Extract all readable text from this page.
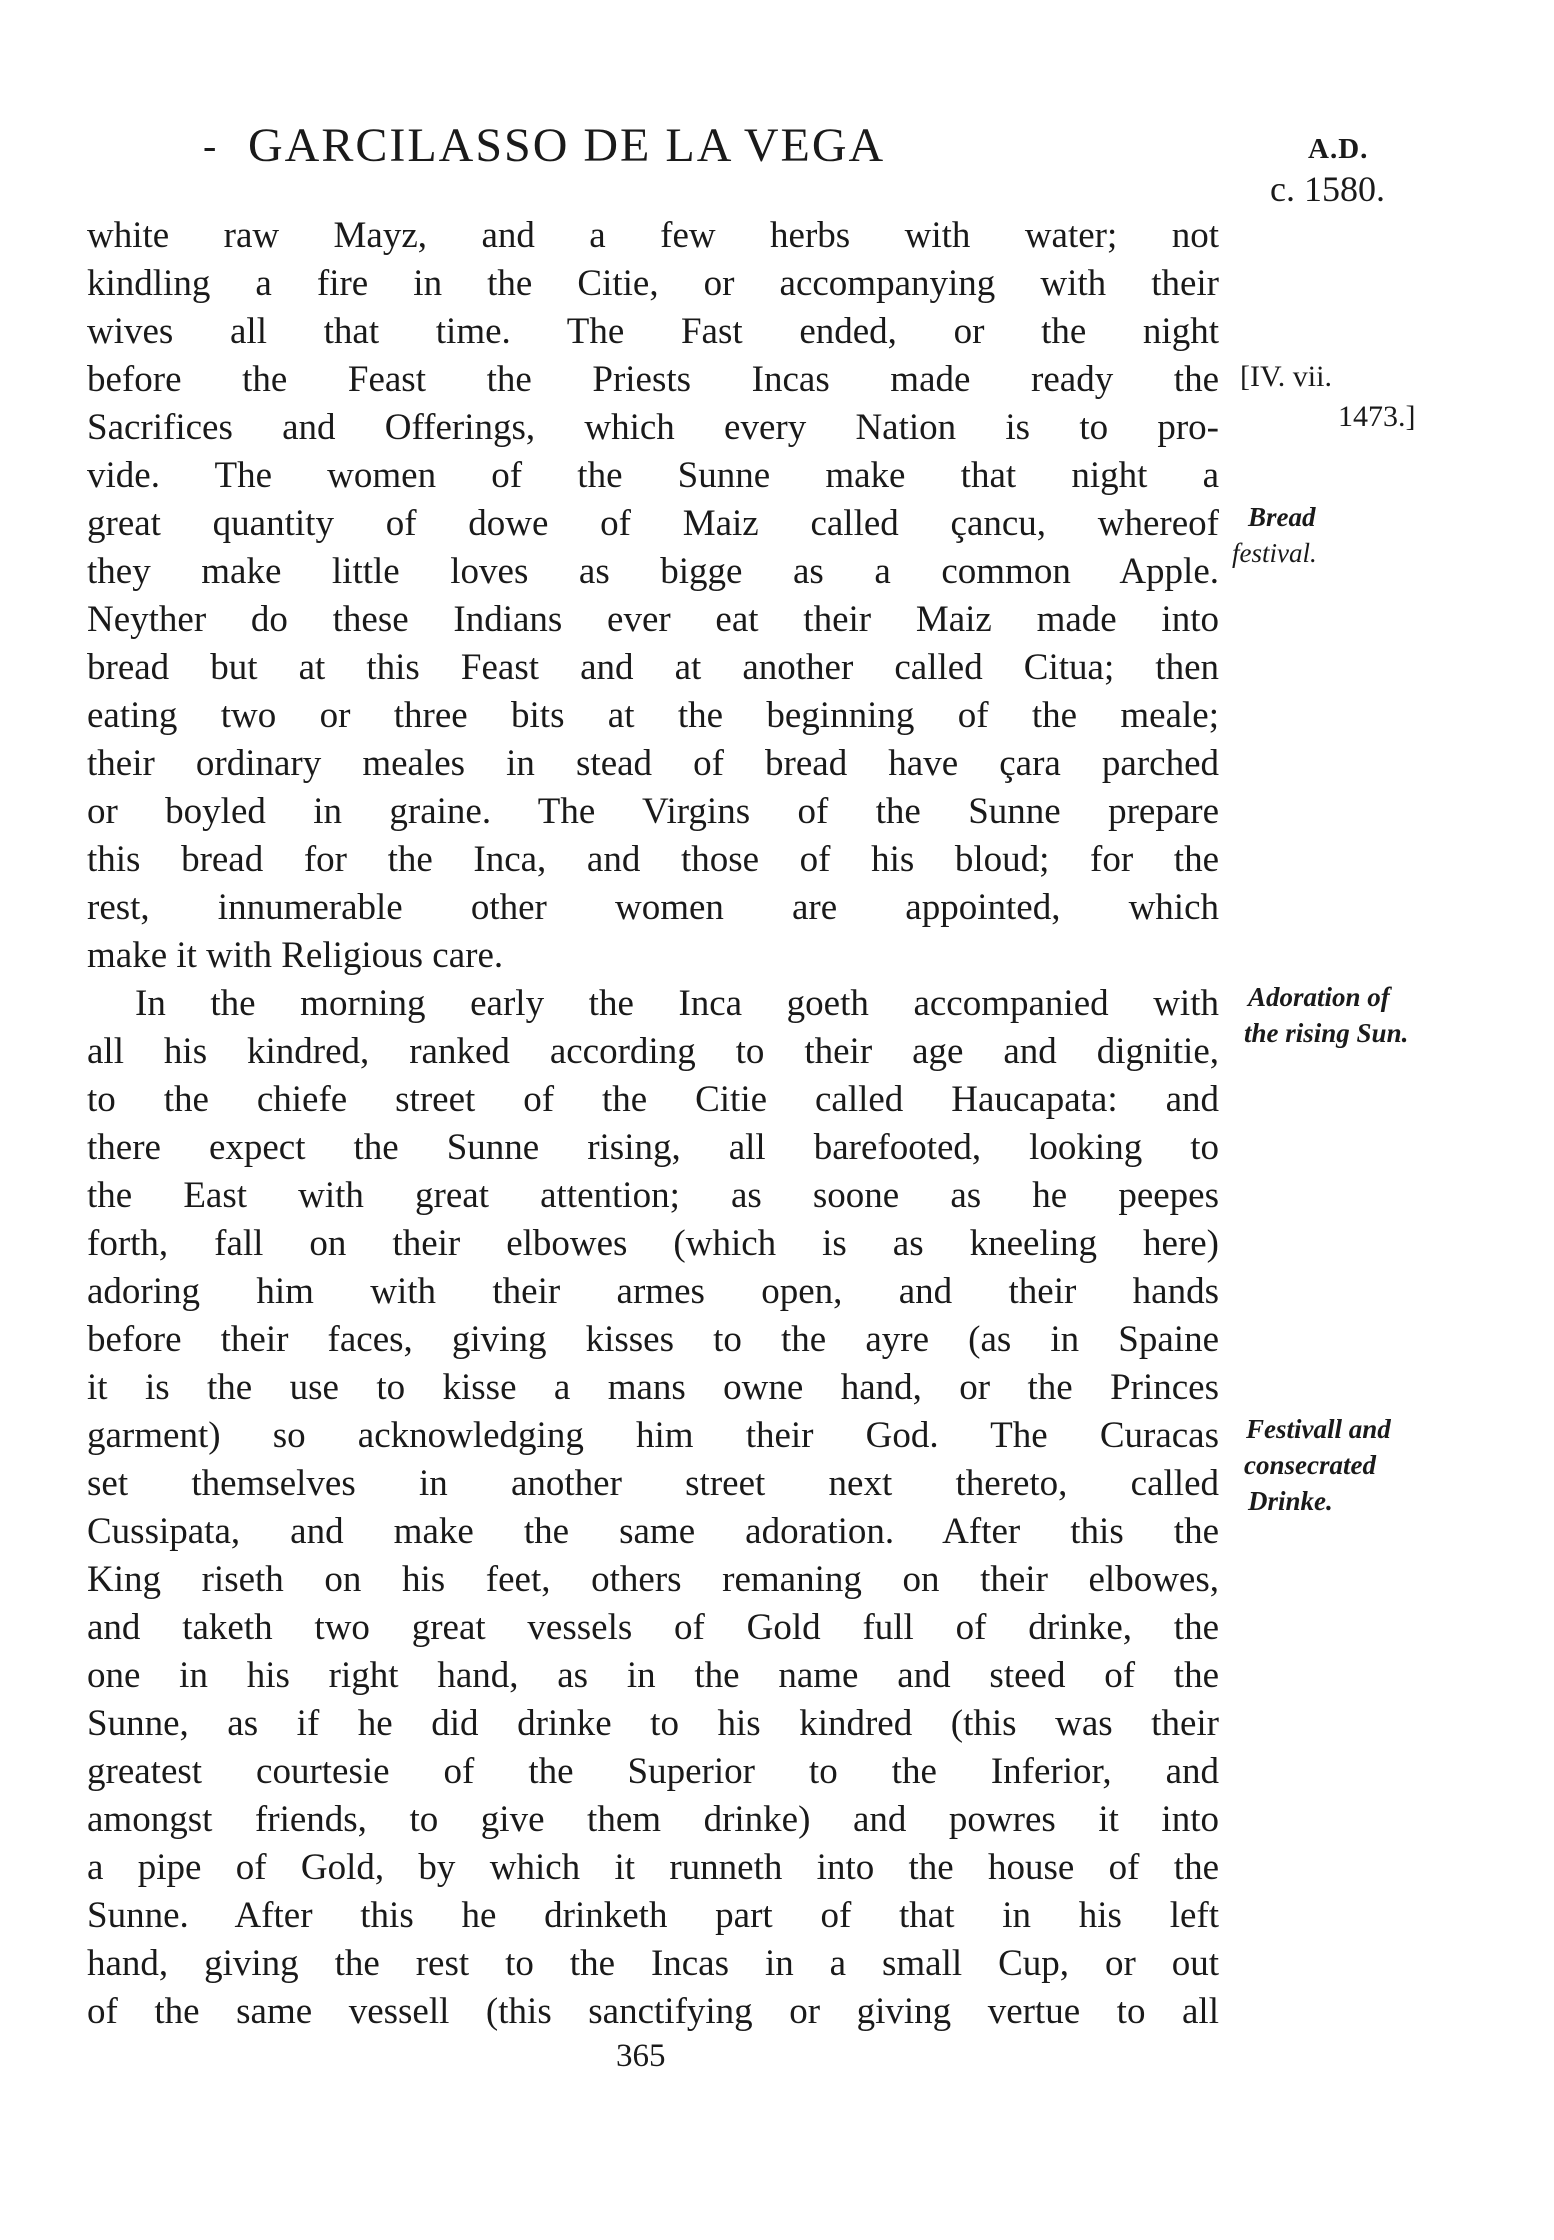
- GARCILASSO DE LA VEGA	A.D.
c. 1580.
white raw Mayz, and a few herbs with water; not
kindling a fire in the Citie, or accompanying with their
wives all that time. The Fast ended, or the night
before the Feast the Priests Incas made ready the
Sacrifices and Offerings, which every Nation is to pro-
vide. The women of the Sunne make that night a
great quantity of dowe of Maiz called çancu, whereof
they make little loves as bigge as a common Apple.
Neyther do these Indians ever eat their Maiz made into
bread but at this Feast and at another called Citua; then
eating two or three bits at the beginning of the meale;
their ordinary meales in stead of bread have çara parched
or boyled in graine. The Virgins of the Sunne prepare
this bread for the Inca, and those of his bloud; for the
rest, innumerable other women are appointed, which
make it with Religious care.
In the morning early the Inca goeth accompanied with
all his kindred, ranked according to their age and dignitie,
to the chiefe street of the Citie called Haucapata: and
there expect the Sunne rising, all barefooted, looking to
the East with great attention; as soone as he peepes
forth, fall on their elbowes (which is as kneeling here)
adoring him with their armes open, and their hands
before their faces, giving kisses to the ayre (as in Spaine
it is the use to kisse a mans owne hand, or the Princes
garment) so acknowledging him their God. The Curacas
set themselves in another street next thereto, called
Cussipata, and make the same adoration. After this the
King riseth on his feet, others remaning on their elbowes,
and taketh two great vessels of Gold full of drinke, the
one in his right hand, as in the name and steed of the
Sunne, as if he did drinke to his kindred (this was their
greatest courtesie of the Superior to the Inferior, and
amongst friends, to give them drinke) and powres it into
a pipe of Gold, by which it runneth into the house of the
Sunne. After this he drinketh part of that in his left
hand, giving the rest to the Incas in a small Cup, or out
of the same vessell (this sanctifying or giving vertue to all
[IV. vii.
1473.]
Bread
festival.
Adoration of
the rising Sun.
Festivall and
consecrated
Drinke.
365
